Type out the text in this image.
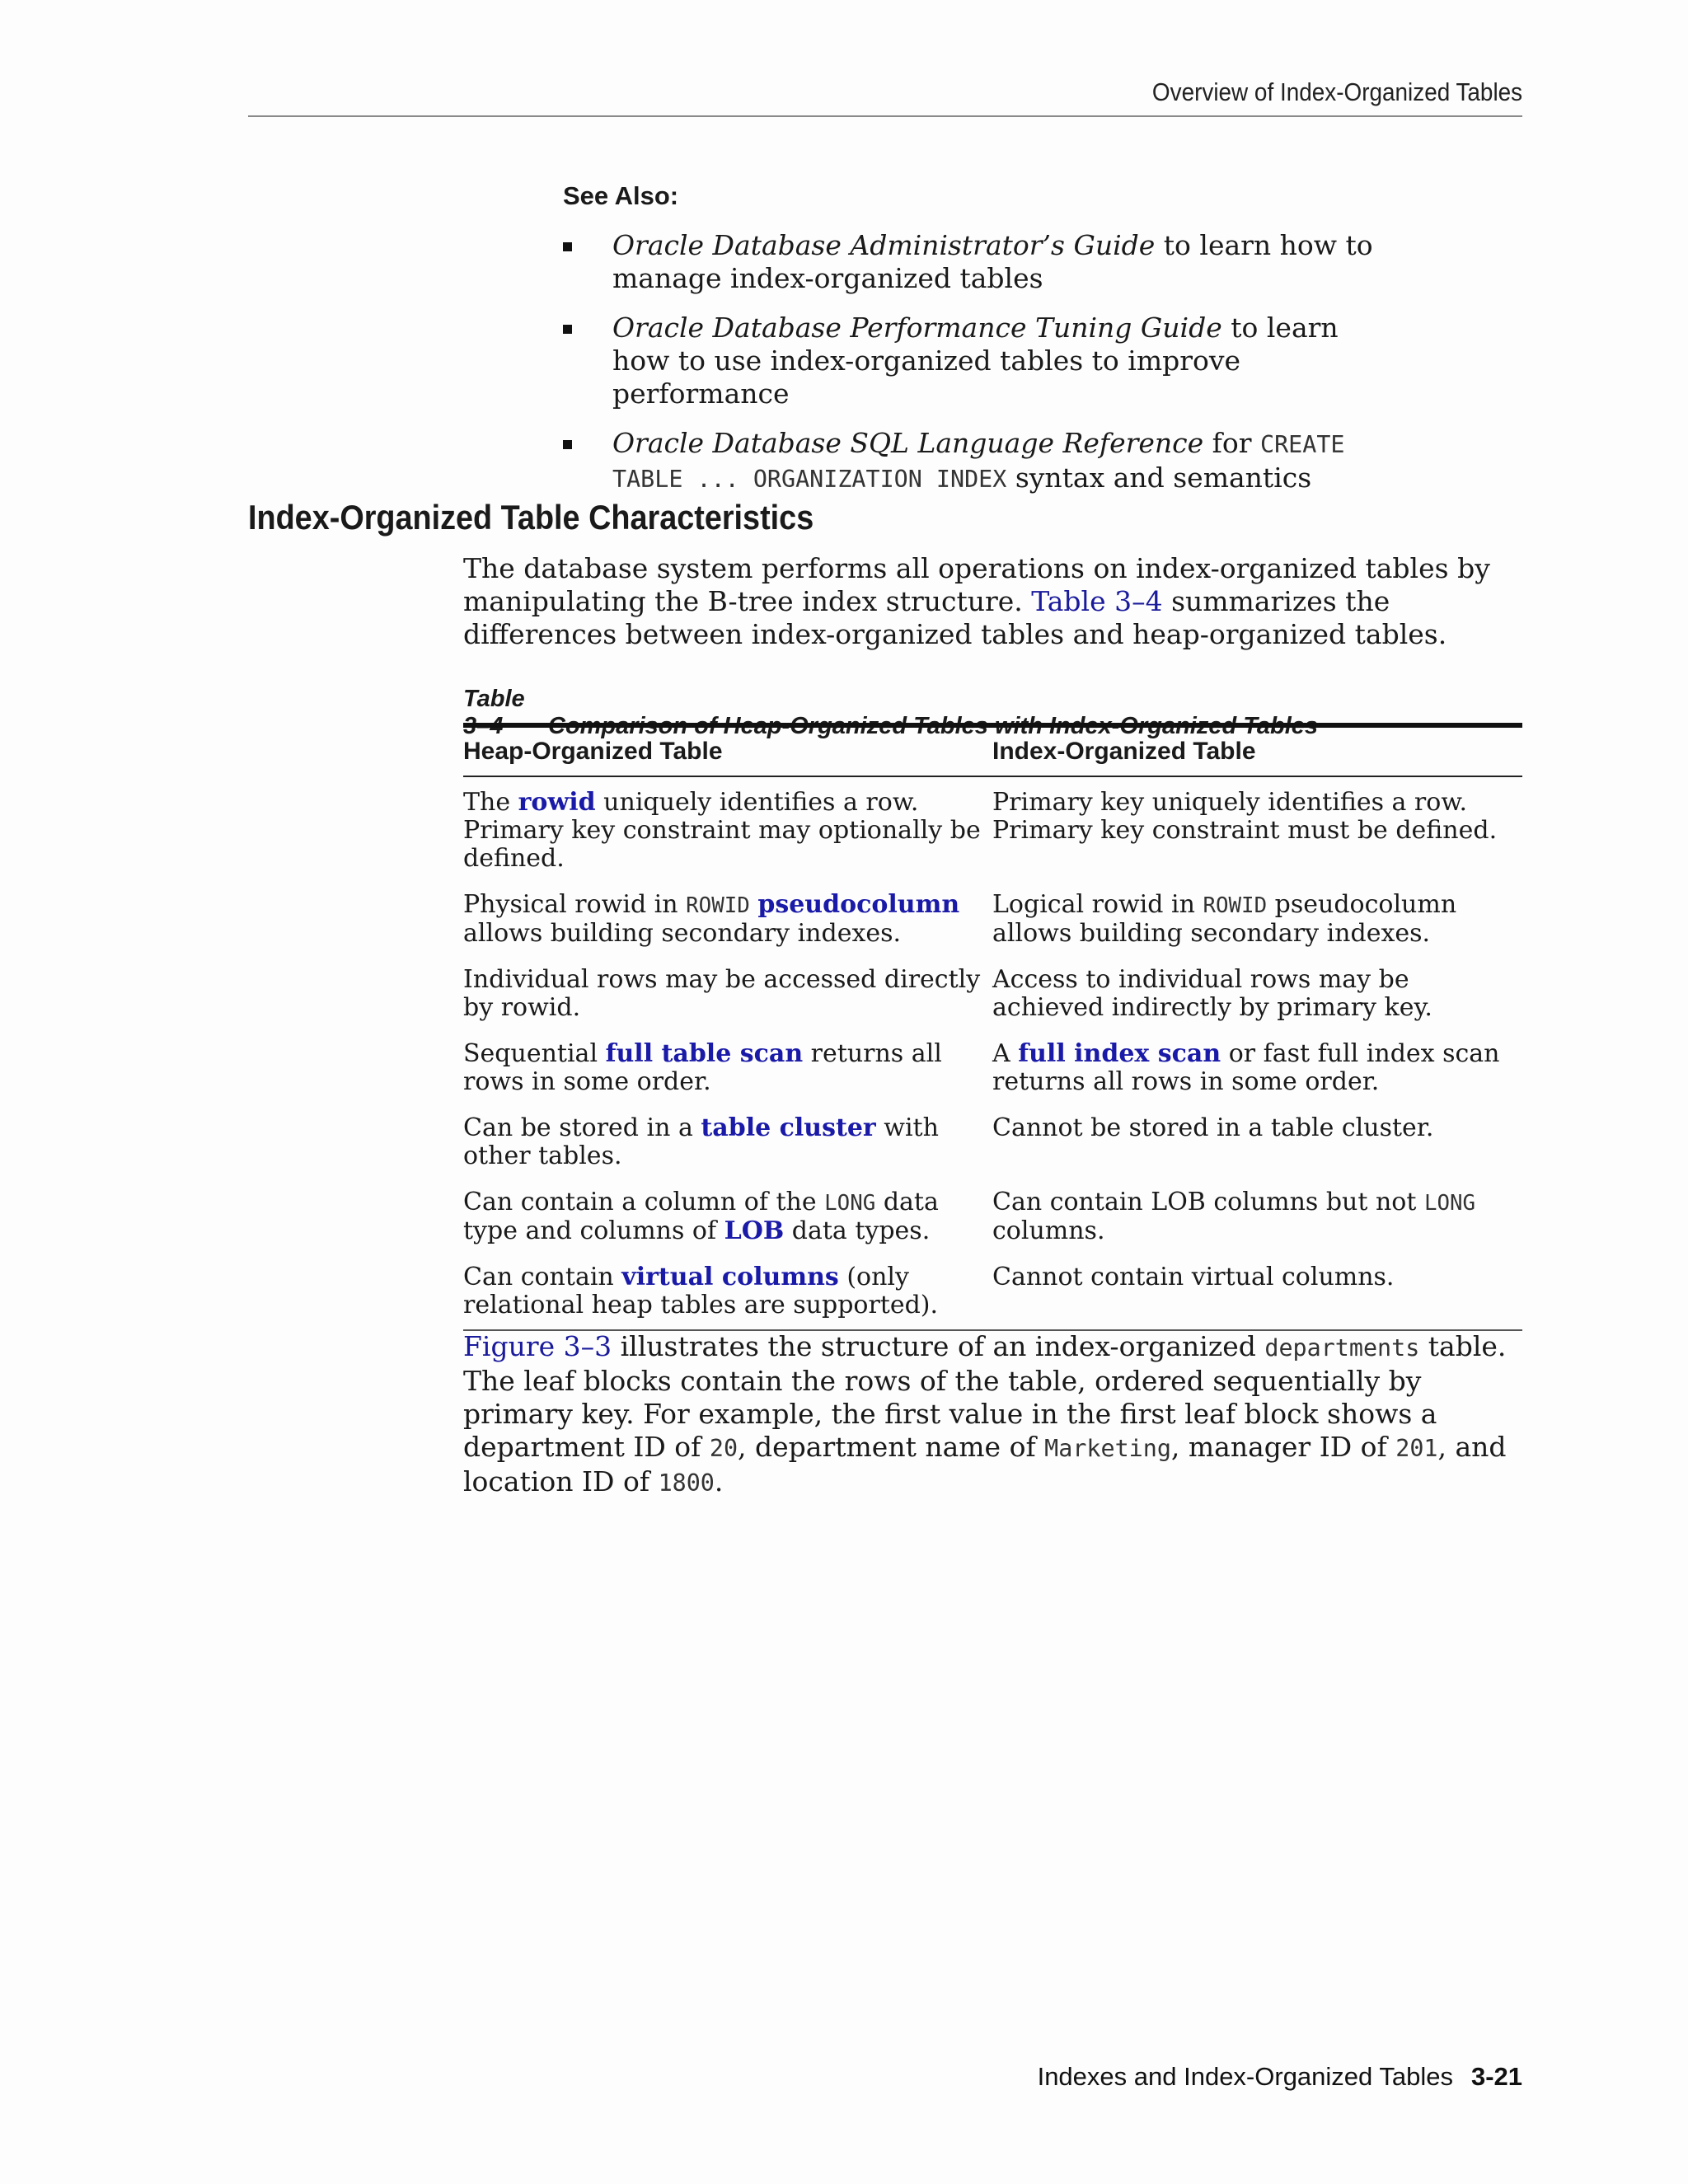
Overview of Index-Organized Tables
See Also:
Oracle Database Administrator’s Guide to learn how to manage index-organized tables
Oracle Database Performance Tuning Guide to learn how to use index-organized tables to improve performance
Oracle Database SQL Language Reference for CREATE TABLE ... ORGANIZATION INDEX syntax and semantics
Index-Organized Table Characteristics

The database system performs all operations on index-organized tables by manipulating the B-tree index structure. Table 3–4 summarizes the differences between index-organized tables and heap-organized tables.

Table 3–4 Comparison of Heap-Organized Tables with Index-Organized Tables
Heap-Organized Table	Index-Organized Table
The rowid uniquely identifies a row. Primary key constraint may optionally be defined.	Primary key uniquely identifies a row. Primary key constraint must be defined.
Physical rowid in ROWID pseudocolumn allows building secondary indexes.	Logical rowid in ROWID pseudocolumn allows building secondary indexes.
Individual rows may be accessed directly by rowid.	Access to individual rows may be achieved indirectly by primary key.
Sequential full table scan returns all rows in some order.	A full index scan or fast full index scan returns all rows in some order.
Can be stored in a table cluster with other tables.	Cannot be stored in a table cluster.
Can contain a column of the LONG data type and columns of LOB data types.	Can contain LOB columns but not LONG columns.
Can contain virtual columns (only relational heap tables are supported).	Cannot contain virtual columns.

Figure 3–3 illustrates the structure of an index-organized departments table. The leaf blocks contain the rows of the table, ordered sequentially by primary key. For example, the first value in the first leaf block shows a department ID of 20, department name of Marketing, manager ID of 201, and location ID of 1800.

Indexes and Index-Organized Tables 3-21
